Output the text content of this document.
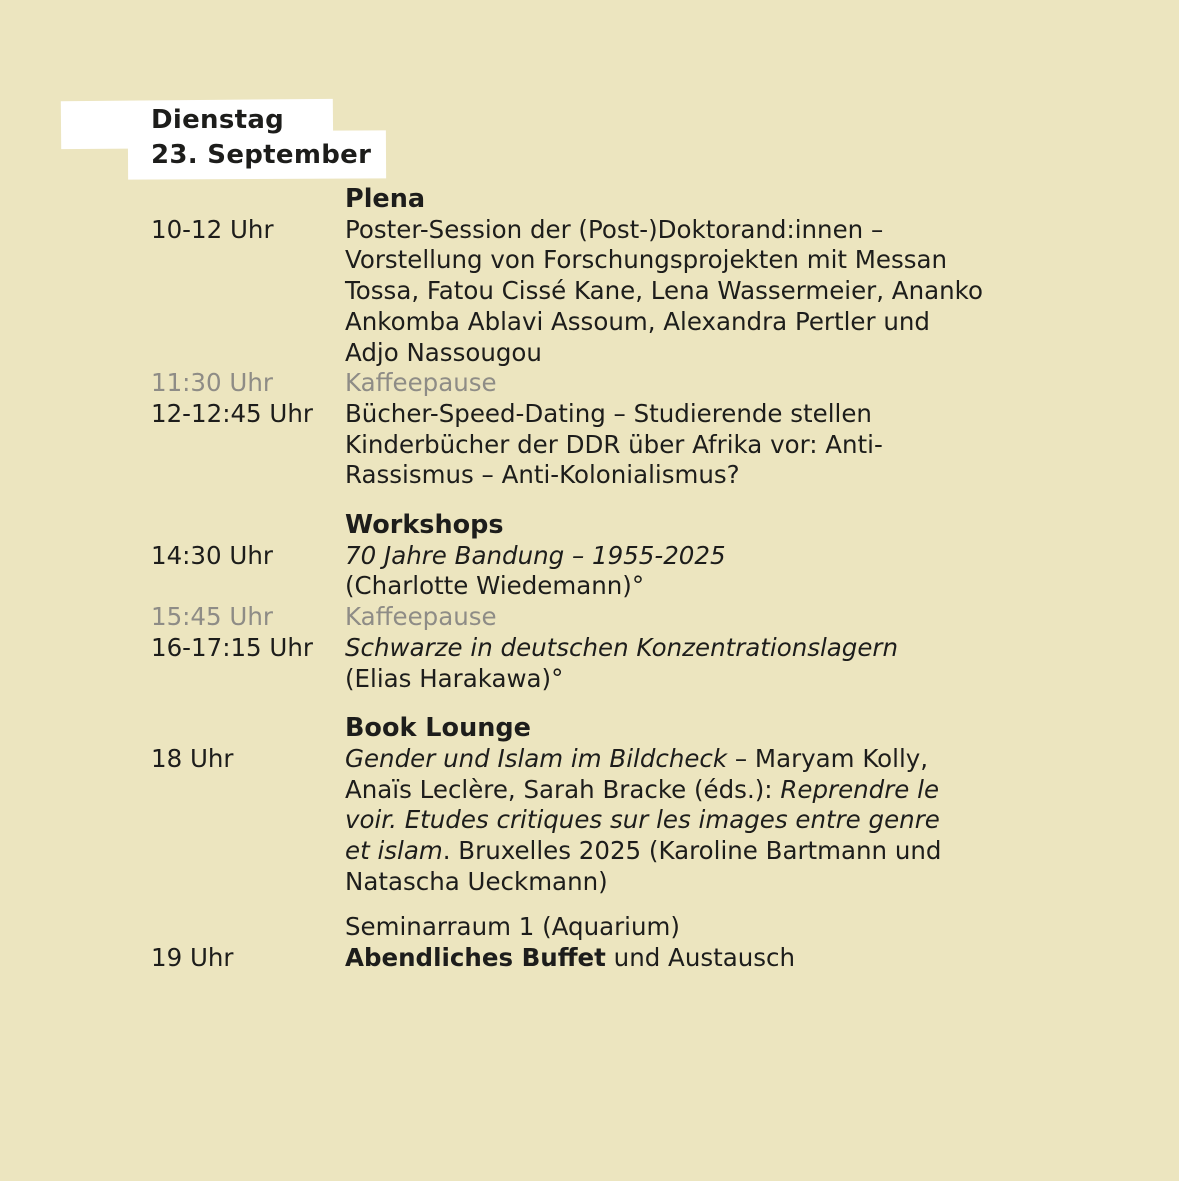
Dienstag
23. September
Plena
10-12 Uhr	Poster-Session der (Post-)Doktorand:innen –
Vorstellung von Forschungsprojekten mit Messan
Tossa, Fatou Cissé Kane, Lena Wassermeier, Ananko
Ankomba Ablavi Assoum, Alexandra Pertler und
Adjo Nassougou
11:30 Uhr	Kaffeepause
12-12:45 Uhr	Bücher-Speed-Dating – Studierende stellen
Kinderbücher der DDR über Afrika vor: Anti-
Rassismus – Anti-Kolonialismus?
Workshops
14:30 Uhr	70 Jahre Bandung – 1955-2025
(Charlotte Wiedemann)°
15:45 Uhr	Kaffeepause
16-17:15 Uhr	Schwarze in deutschen Konzentrationslagern
(Elias Harakawa)°
Book Lounge
18 Uhr	Gender und Islam im Bildcheck – Maryam Kolly,
Anaïs Leclère, Sarah Bracke (éds.): Reprendre le
voir. Etudes critiques sur les images entre genre
et islam. Bruxelles 2025 (Karoline Bartmann und
Natascha Ueckmann)
Seminarraum 1 (Aquarium)
19 Uhr	Abendliches Buffet und Austausch
